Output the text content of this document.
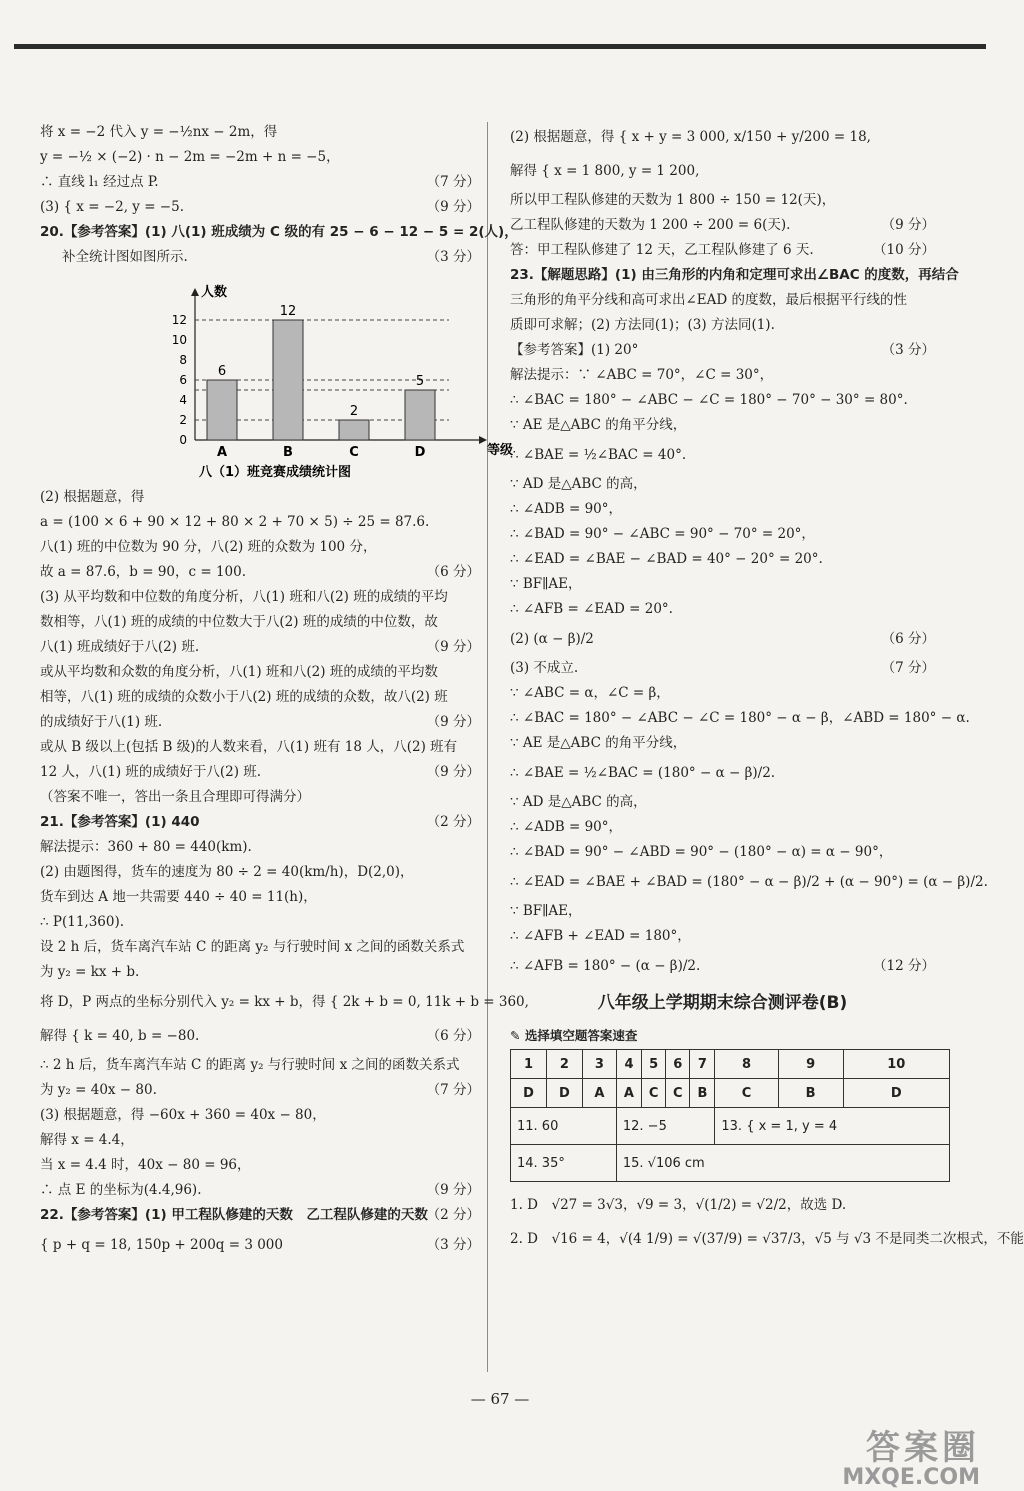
将 x = −2 代入 y = −½nx − 2m，得
y = −½ × (−2) · n − 2m = −2m + n = −5，
∴ 直线 l₁ 经过点 P.	（7 分）
(3) { x = −2, y = −5.	（9 分）
20.【参考答案】(1) 八(1) 班成绩为 C 级的有 25 − 6 − 12 − 5 = 2(人)，
补全统计图如图所示.	（3 分）
人数
等级
0
2
4
6
8
10
12
6
A
12
B
2
C
5
D
八（1）班竞赛成绩统计图
(2) 根据题意，得
a = (100 × 6 + 90 × 12 + 80 × 2 + 70 × 5) ÷ 25 = 87.6.
八(1) 班的中位数为 90 分，八(2) 班的众数为 100 分，
故 a = 87.6，b = 90，c = 100.	（6 分）
(3) 从平均数和中位数的角度分析，八(1) 班和八(2) 班的成绩的平均
数相等，八(1) 班的成绩的中位数大于八(2) 班的成绩的中位数，故
八(1) 班成绩好于八(2) 班.	（9 分）
或从平均数和众数的角度分析，八(1) 班和八(2) 班的成绩的平均数
相等，八(1) 班的成绩的众数小于八(2) 班的成绩的众数，故八(2) 班
的成绩好于八(1) 班.	（9 分）
或从 B 级以上(包括 B 级)的人数来看，八(1) 班有 18 人，八(2) 班有
12 人，八(1) 班的成绩好于八(2) 班.	（9 分）
（答案不唯一，答出一条且合理即可得满分）
21.【参考答案】(1) 440	（2 分）
解法提示：360 + 80 = 440(km).
(2) 由题图得，货车的速度为 80 ÷ 2 = 40(km/h)，D(2,0)，
货车到达 A 地一共需要 440 ÷ 40 = 11(h)，
∴ P(11,360).
设 2 h 后，货车离汽车站 C 的距离 y₂ 与行驶时间 x 之间的函数关系式
为 y₂ = kx + b.
将 D，P 两点的坐标分别代入 y₂ = kx + b，得 { 2k + b = 0, 11k + b = 360,
解得 { k = 40, b = −80.	（6 分）
∴ 2 h 后，货车离汽车站 C 的距离 y₂ 与行驶时间 x 之间的函数关系式
为 y₂ = 40x − 80.	（7 分）
(3) 根据题意，得 −60x + 360 = 40x − 80，
解得 x = 4.4，
当 x = 4.4 时，40x − 80 = 96，
∴ 点 E 的坐标为(4.4,96).	（9 分）
22.【参考答案】(1) 甲工程队修建的天数　乙工程队修建的天数
（2 分）
{ p + q = 18, 150p + 200q = 3 000	（3 分）
(2) 根据题意，得 { x + y = 3 000, x/150 + y/200 = 18,
解得 { x = 1 800, y = 1 200,
所以甲工程队修建的天数为 1 800 ÷ 150 = 12(天)，
乙工程队修建的天数为 1 200 ÷ 200 = 6(天).	（9 分）
答：甲工程队修建了 12 天，乙工程队修建了 6 天.	（10 分）
23.【解题思路】(1) 由三角形的内角和定理可求出∠BAC 的度数，再结合
三角形的角平分线和高可求出∠EAD 的度数，最后根据平行线的性
质即可求解；(2) 方法同(1)；(3) 方法同(1).
【参考答案】(1) 20°	（3 分）
解法提示：∵ ∠ABC = 70°，∠C = 30°，
∴ ∠BAC = 180° − ∠ABC − ∠C = 180° − 70° − 30° = 80°.
∵ AE 是△ABC 的角平分线，
∴ ∠BAE = ½∠BAC = 40°.
∵ AD 是△ABC 的高，
∴ ∠ADB = 90°，
∴ ∠BAD = 90° − ∠ABC = 90° − 70° = 20°，
∴ ∠EAD = ∠BAE − ∠BAD = 40° − 20° = 20°.
∵ BF∥AE，
∴ ∠AFB = ∠EAD = 20°.
(2) (α − β)/2	（6 分）
(3) 不成立.	（7 分）
∵ ∠ABC = α，∠C = β，
∴ ∠BAC = 180° − ∠ABC − ∠C = 180° − α − β，∠ABD = 180° − α.
∵ AE 是△ABC 的角平分线，
∴ ∠BAE = ½∠BAC = (180° − α − β)/2.
∵ AD 是△ABC 的高，
∴ ∠ADB = 90°，
∴ ∠BAD = 90° − ∠ABD = 90° − (180° − α) = α − 90°，
∴ ∠EAD = ∠BAE + ∠BAD = (180° − α − β)/2 + (α − 90°) = (α − β)/2.
∵ BF∥AE，
∴ ∠AFB + ∠EAD = 180°，
∴ ∠AFB = 180° − (α − β)/2.	（12 分）
八年级上学期期末综合测评卷(B)
✎ 选择填空题答案速查
1	2	3	4	5	6	7	8	9	10
D	D	A	A	C	C	B	C	B	D
11. 60			12. −5				13. { x = 1, y = 4		
14. 35°			15. √106 cm						
1. D　√27 = 3√3，√9 = 3，√(1/2) = √2/2，故选 D.
2. D　√16 = 4，√(4 1/9) = √(37/9) = √37/3，√5 与 √3 不是同类二次根式，不能
— 67 —
答案圈
MXQE.COM
